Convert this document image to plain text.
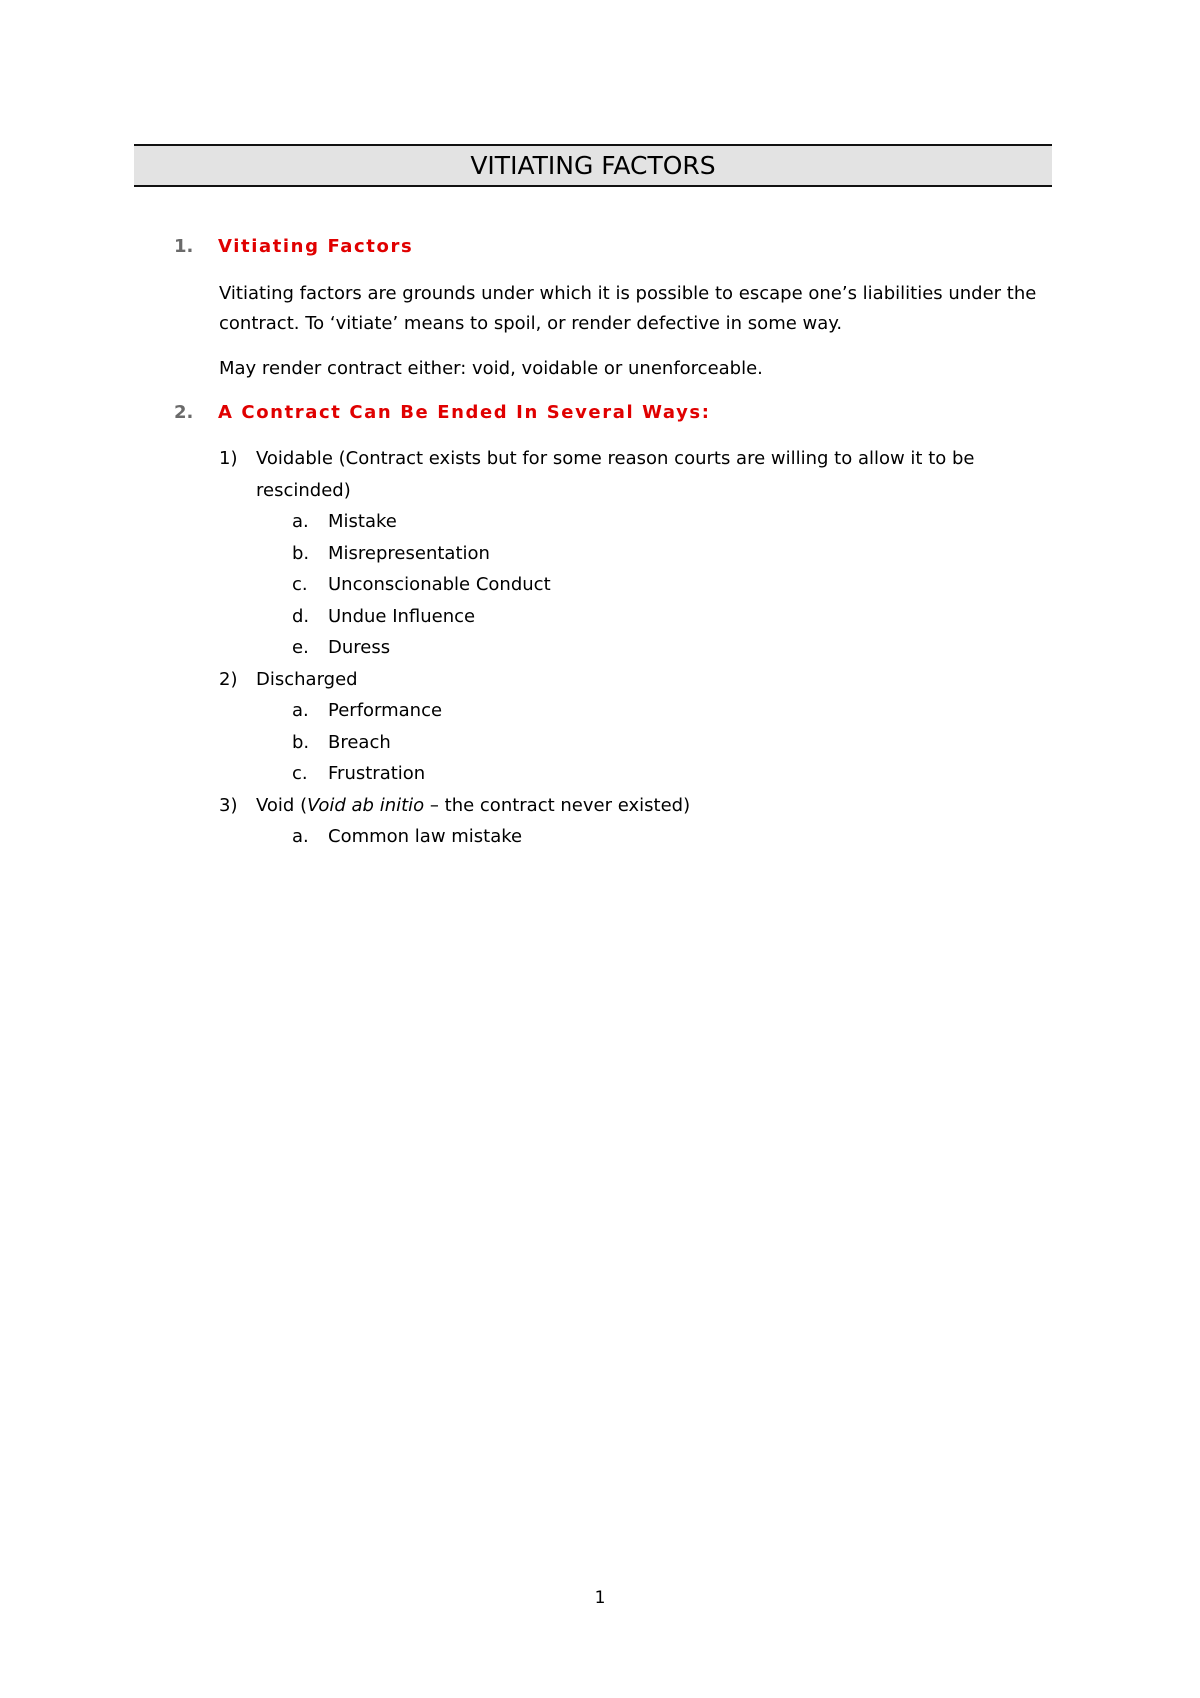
VITIATING FACTORS
1. Vitiating Factors
Vitiating factors are grounds under which it is possible to escape one’s liabilities under the contract. To ‘vitiate’ means to spoil, or render defective in some way.
May render contract either: void, voidable or unenforceable.
2. A Contract Can Be Ended In Several Ways:
1)	Voidable (Contract exists but for some reason courts are willing to allow it to be rescinded)
a.	Mistake
b.	Misrepresentation
c.	Unconscionable Conduct
d.	Undue Influence
e.	Duress
2)	Discharged
a.	Performance
b.	Breach
c.	Frustration
3)	Void (Void ab initio – the contract never existed)
a.	Common law mistake
1
